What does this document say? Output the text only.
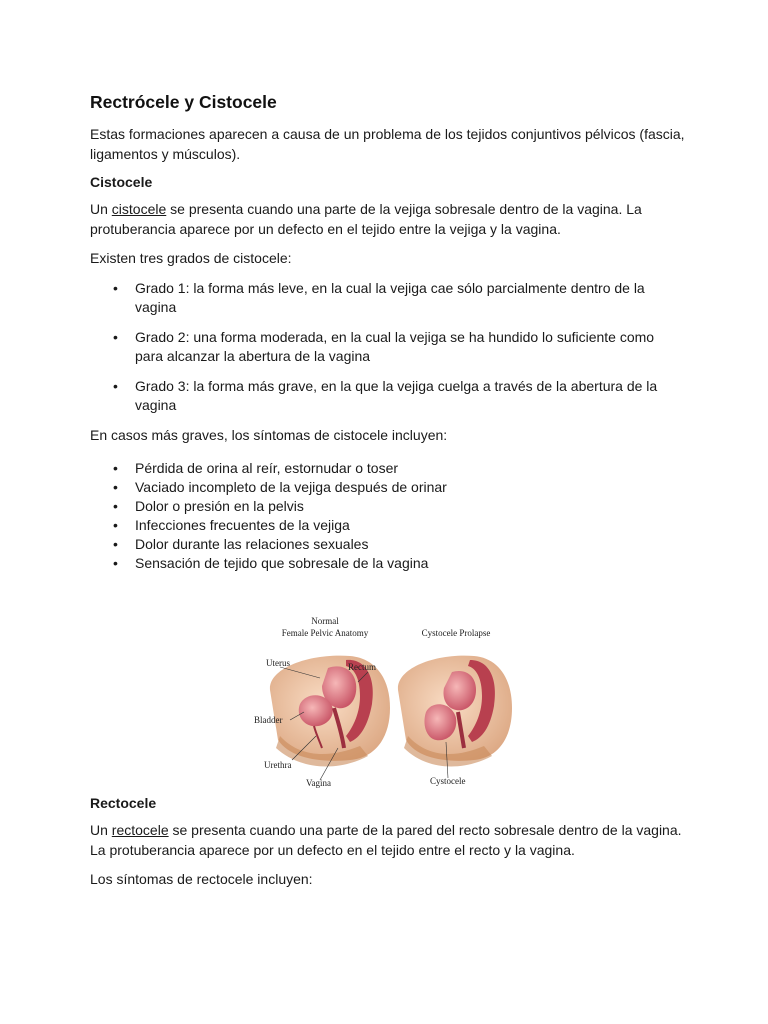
Rectrócele y Cistocele

Estas formaciones aparecen a causa de un problema de los tejidos conjuntivos pélvicos (fascia, ligamentos y músculos).

Cistocele

Un cistocele se presenta cuando una parte de la vejiga sobresale dentro de la vagina. La protuberancia aparece por un defecto en el tejido entre la vejiga y la vagina.

Existen tres grados de cistocele:

• Grado 1: la forma más leve, en la cual la vejiga cae sólo parcialmente dentro de la vagina
• Grado 2: una forma moderada, en la cual la vejiga se ha hundido lo suficiente como para alcanzar la abertura de la vagina
• Grado 3: la forma más grave, en la que la vejiga cuelga a través de la abertura de la vagina

En casos más graves, los síntomas de cistocele incluyen:

• Pérdida de orina al reír, estornudar o toser
• Vaciado incompleto de la vejiga después de orinar
• Dolor o presión en la pelvis
• Infecciones frecuentes de la vejiga
• Dolor durante las relaciones sexuales
• Sensación de tejido que sobresale de la vagina
Rectocele

Un rectocele se presenta cuando una parte de la pared del recto sobresale dentro de la vagina. La protuberancia aparece por un defecto en el tejido entre el recto y la vagina.

Los síntomas de rectocele incluyen:

Normal
Female Pelvic Anatomy	Cystocele Prolapse
Uterus	Rectum
Bladder
Urethra
Vagina	Cystocele
